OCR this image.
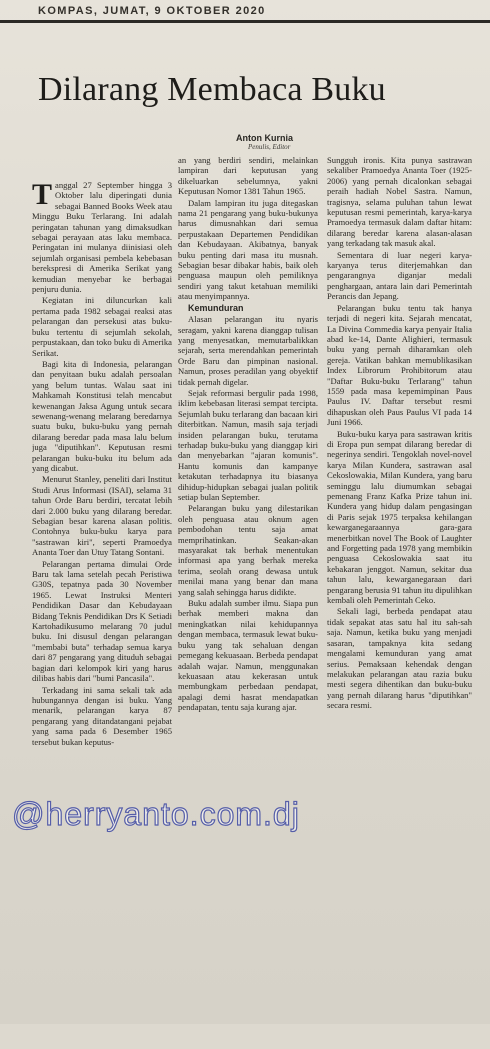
KOMPAS, JUMAT, 9 OKTOBER 2020
Dilarang Membaca Buku
Anton Kurnia
Penulis, Editor

Tanggal 27 September hingga 3 Oktober lalu diperingati dunia sebagai Banned Books Week atau Minggu Buku Terlarang. Ini adalah peringatan tahunan yang dimaksudkan sebagai perayaan atas laku membaca. Peringatan ini mulanya diinisiasi oleh sejumlah organisasi pembela kebebasan berekspresi di Amerika Serikat yang kemudian menyebar ke berbagai penjuru dunia.

Kegiatan ini diluncurkan kali pertama pada 1982 sebagai reaksi atas pelarangan dan persekusi atas buku-buku tertentu di sejumlah sekolah, perpustakaan, dan toko buku di Amerika Serikat.

Bagi kita di Indonesia, pelarangan dan penyitaan buku adalah persoalan yang belum tuntas. Walau saat ini Mahkamah Konstitusi telah mencabut kewenangan Jaksa Agung untuk secara sewenang-wenang melarang beredarnya suatu buku, buku-buku yang pernah dilarang beredar pada masa lalu belum juga "diputihkan". Keputusan resmi pelarangan buku-buku itu belum ada yang dicabut.

Menurut Stanley, peneliti dari Institut Studi Arus Informasi (ISAI), selama 31 tahun Orde Baru berdiri, tercatat lebih dari 2.000 buku yang dilarang beredar. Sebagian besar karena alasan politis. Contohnya buku-buku karya para "sastrawan kiri", seperti Pramoedya Ananta Toer dan Utuy Tatang Sontani.

Pelarangan pertama dimulai Orde Baru tak lama setelah pecah Peristiwa G30S, tepatnya pada 30 November 1965. Lewat Instruksi Menteri Pendidikan Dasar dan Kebudayaan Bidang Teknis Pendidikan Drs K Setiadi Kartohadikusumo melarang 70 judul buku. Ini disusul dengan pelarangan "membabi buta" terhadap semua karya dari 87 pengarang yang dituduh sebagai bagian dari kelompok kiri yang harus dilibas habis dari "bumi Pancasila".

Terkadang ini sama sekali tak ada hubungannya dengan isi buku. Yang menarik, pelarangan karya 87 pengarang yang ditandatangani pejabat yang sama pada 6 Desember 1965 tersebut bukan keputus-

an yang berdiri sendiri, melainkan lampiran dari keputusan yang dikeluarkan sebelumnya, yakni Keputusan Nomor 1381 Tahun 1965.

Dalam lampiran itu juga ditegaskan nama 21 pengarang yang buku-bukunya harus dimusnahkan dari semua perpustakaan Departemen Pendidikan dan Kebudayaan. Akibatnya, banyak buku penting dari masa itu musnah. Sebagian besar dibakar habis, baik oleh penguasa maupun oleh pemiliknya sendiri yang takut ketahuan memiliki atau menyimpannya.

Kemunduran

Alasan pelarangan itu nyaris seragam, yakni karena dianggap tulisan yang menyesatkan, memutarbalikkan sejarah, serta merendahkan pemerintah Orde Baru dan pimpinan nasional. Namun, proses peradilan yang obyektif tidak pernah digelar.

Sejak reformasi bergulir pada 1998, iklim kebebasan literasi sempat tercipta. Sejumlah buku terlarang dan bacaan kiri diterbitkan. Namun, masih saja terjadi insiden pelarangan buku, terutama terhadap buku-buku yang dianggap kiri dan menyebarkan "ajaran komunis". Hantu komunis dan kampanye ketakutan terhadapnya itu biasanya dihidup-hidupkan sebagai jualan politik setiap bulan September.

Pelarangan buku yang dilestarikan oleh penguasa atau oknum agen pembodohan tentu saja amat memprihatinkan. Seakan-akan masyarakat tak berhak menentukan informasi apa yang berhak mereka terima, seolah orang dewasa untuk menilai mana yang benar dan mana yang salah sehingga harus didikte.

Buku adalah sumber ilmu. Siapa pun berhak memberi makna dan meningkatkan nilai kehidupannya dengan membaca, termasuk lewat buku-buku yang tak sehaluan dengan pemegang kekuasaan. Berbeda pendapat adalah wajar. Namun, menggunakan kekuasaan atau kekerasan untuk membungkam perbedaan pendapat, apalagi demi hasrat mendapatkan pendapatan, tentu saja kurang ajar.

Sungguh ironis. Kita punya sastrawan sekaliber Pramoedya Ananta Toer (1925-2006) yang pernah dicalonkan sebagai peraih hadiah Nobel Sastra. Namun, tragisnya, selama puluhan tahun lewat keputusan resmi pemerintah, karya-karya Pramoedya termasuk dalam daftar hitam: dilarang beredar karena alasan-alasan yang terkadang tak masuk akal.

Sementara di luar negeri karya-karyanya terus diterjemahkan dan pengarangnya diganjar medali penghargaan, antara lain dari Pemerintah Perancis dan Jepang.

Pelarangan buku tentu tak hanya terjadi di negeri kita. Sejarah mencatat, La Divina Commedia karya penyair Italia abad ke-14, Dante Alighieri, termasuk buku yang pernah diharamkan oleh gereja. Vatikan bahkan memublikasikan Index Librorum Prohibitorum atau "Daftar Buku-buku Terlarang" tahun 1559 pada masa kepemimpinan Paus Paulus IV. Daftar tersebut resmi dihapuskan oleh Paus Paulus VI pada 14 Juni 1966.

Buku-buku karya para sastrawan kritis di Eropa pun sempat dilarang beredar di negerinya sendiri. Tengoklah novel-novel karya Milan Kundera, sastrawan asal Cekoslowakia, Milan Kundera, yang baru seminggu lalu diumumkan sebagai pemenang Franz Kafka Prize tahun ini. Kundera yang hidup dalam pengasingan di Paris sejak 1975 terpaksa kehilangan kewarganegaraannya gara-gara menerbitkan novel The Book of Laughter and Forgetting pada 1978 yang membikin penguasa Cekoslowakia saat itu kebakaran jenggot. Namun, sekitar dua tahun lalu, kewarganegaraan dari pengarang berusia 91 tahun itu dipulihkan kembali oleh Pemerintah Ceko.

Sekali lagi, berbeda pendapat atau tidak sepakat atas satu hal itu sah-sah saja. Namun, ketika buku yang menjadi sasaran, tampaknya kita sedang mengalami kemunduran yang amat serius. Pemaksaan kehendak dengan melakukan pelarangan atau razia buku mesti segera dihentikan dan buku-buku yang pernah dilarang harus "diputihkan" secara resmi.

@herryanto.com.dj
